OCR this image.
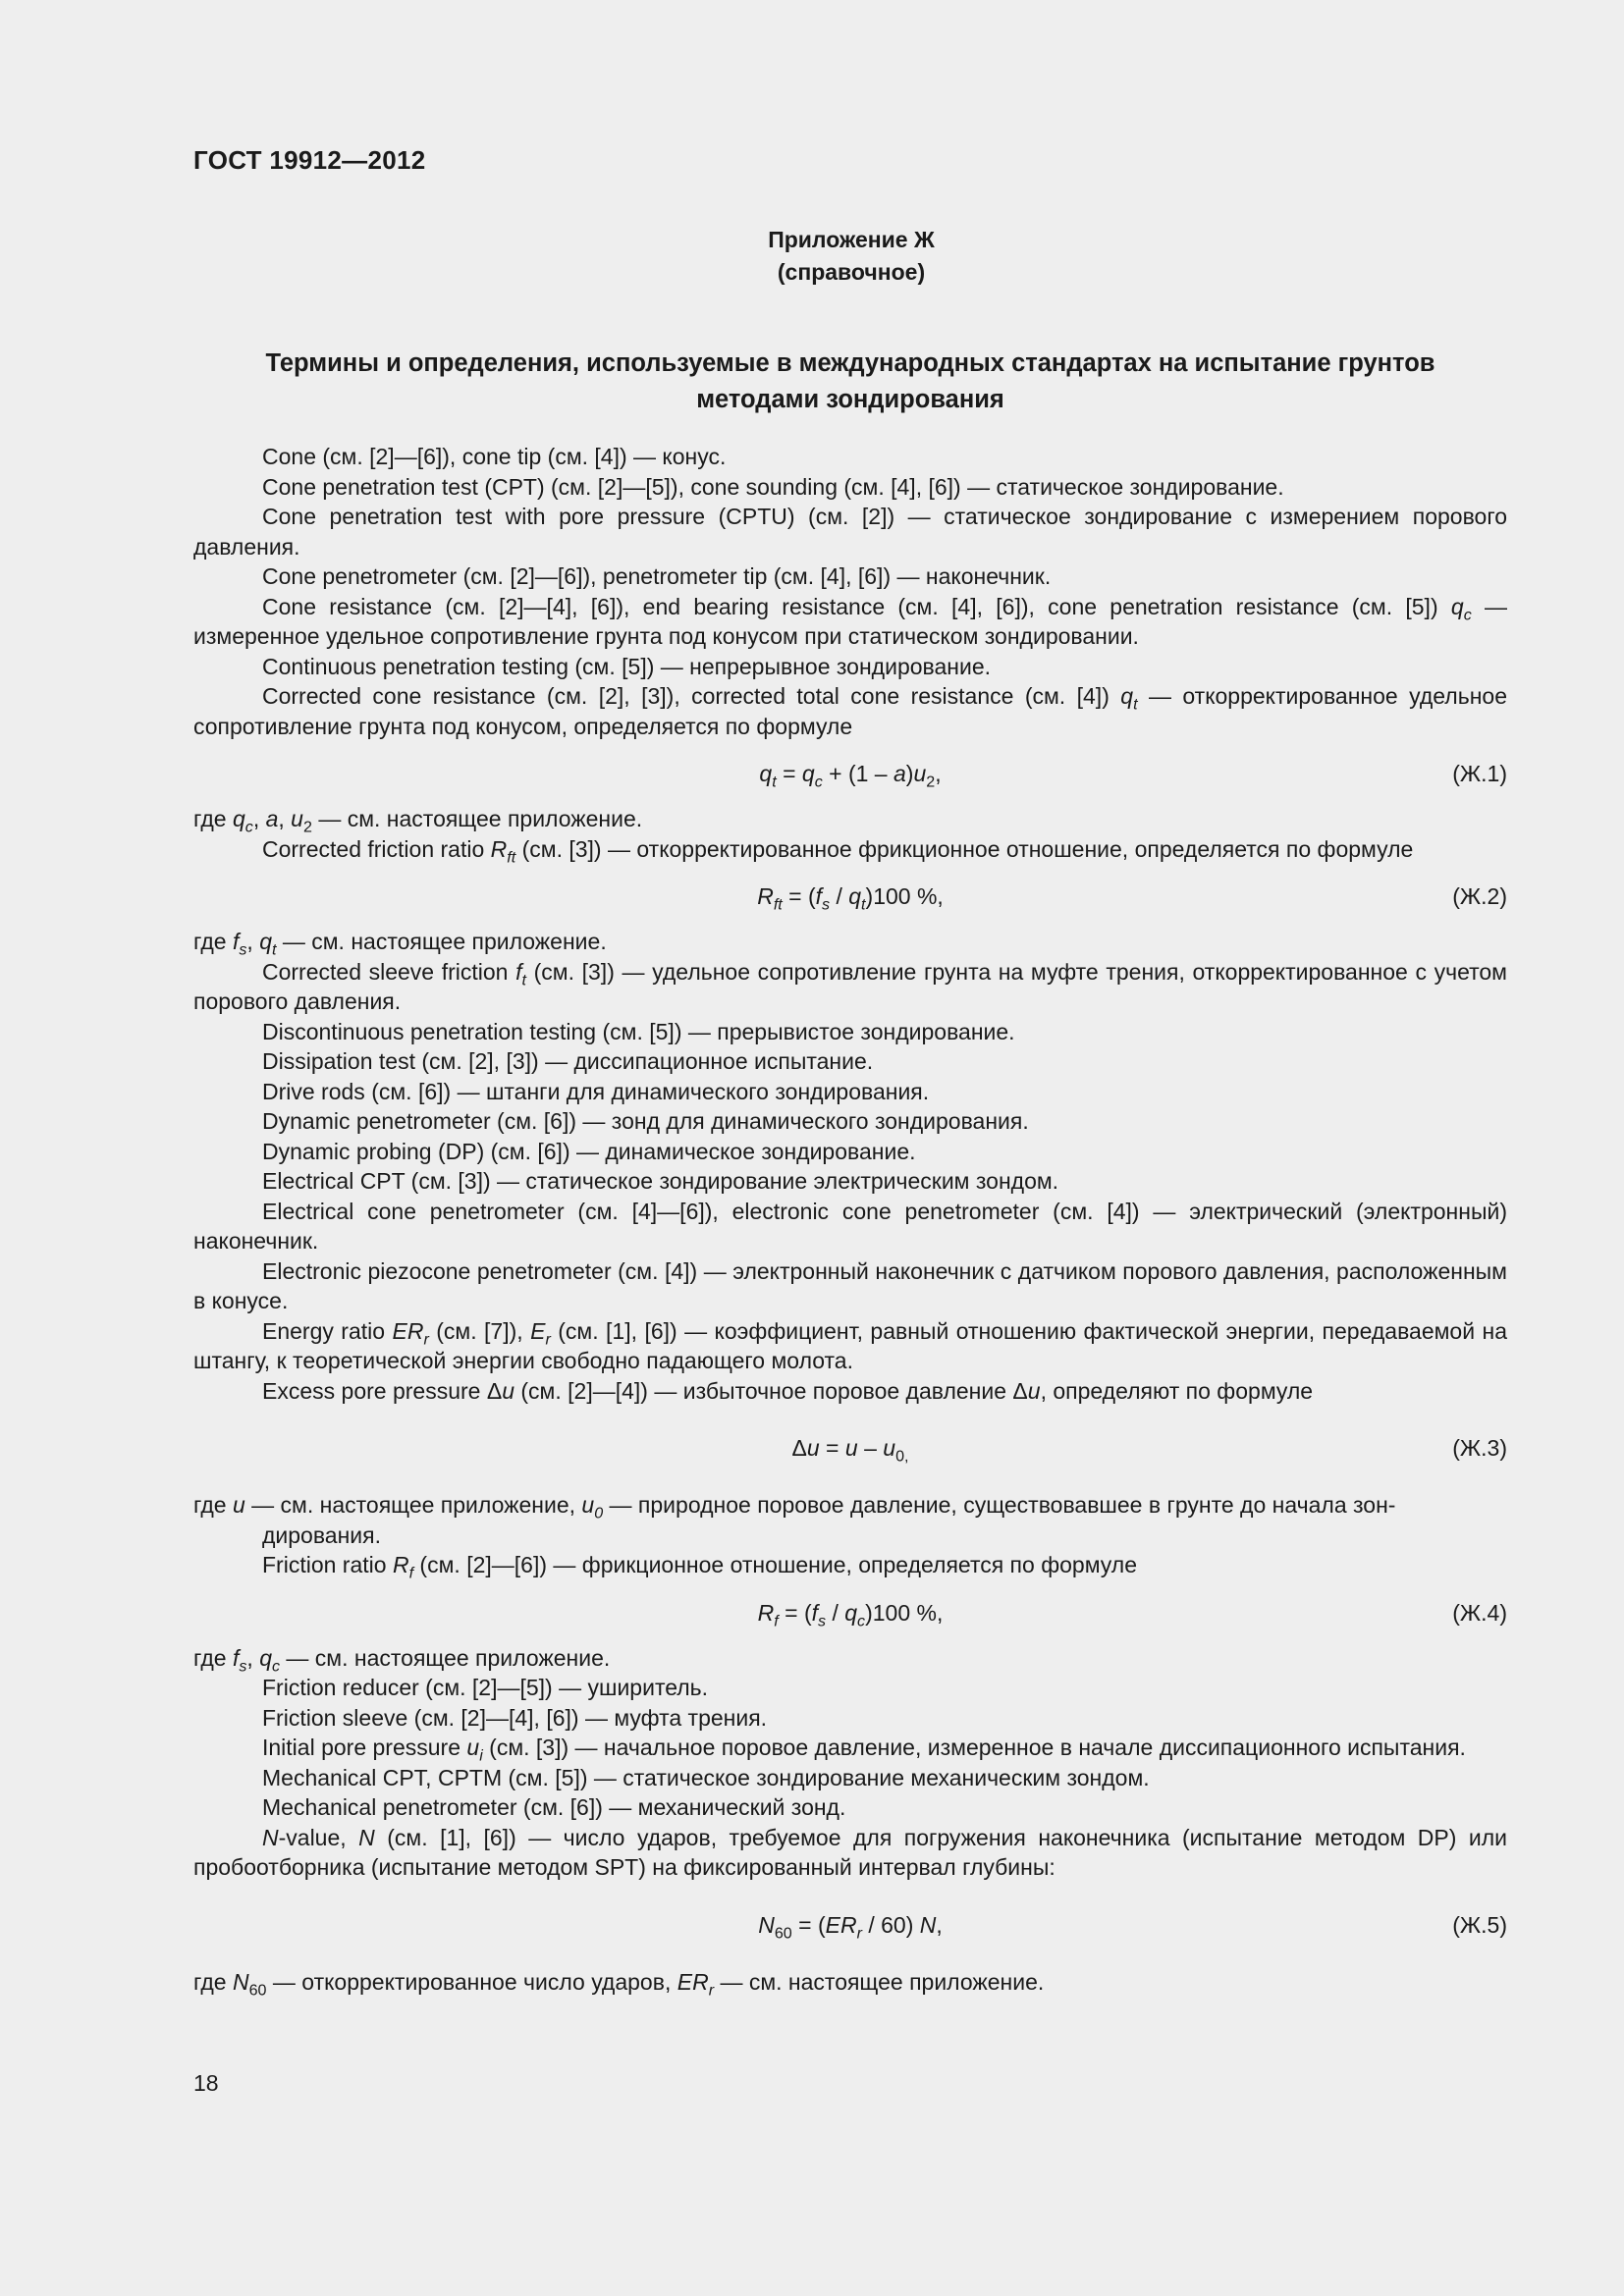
ГОСТ 19912—2012
Приложение Ж
(справочное)
Термины и определения, используемые в международных стандартах на испытание грунтов
методами зондирования

Cone (см. [2]—[6]), cone tip (см. [4]) — конус.

Cone penetration test (CPT) (см. [2]—[5]), cone sounding (см. [4], [6]) — статическое зондирование.

Cone penetration test with pore pressure (CPTU) (см. [2]) — статическое зондирование с измерением порового давления.

Cone penetrometer (см. [2]—[6]), penetrometer tip (см. [4], [6]) — наконечник.

Cone resistance (см. [2]—[4], [6]), end bearing resistance (см. [4], [6]), cone penetration resistance (см. [5]) $q_c$ — измеренное удельное сопротивление грунта под конусом при статическом зондировании.

Continuous penetration testing (см. [5]) — непрерывное зондирование.

Corrected cone resistance (см. [2], [3]), corrected total cone resistance (см. [4]) $q_t$ — откорректированное удельное сопротивление грунта под конусом, определяется по формуле

$q_t = q_c + (1 - a)u_2$,	(Ж.1)

где $q_c$, a, $u_2$ — см. настоящее приложение.

Corrected friction ratio $R_{ft}$ (см. [3]) — откорректированное фрикционное отношение, определяется по формуле

$R_{ft} = (f_s / q_t)100$ %,	(Ж.2)

где $f_s$, $q_t$ — см. настоящее приложение.

Corrected sleeve friction $f_t$ (см. [3]) — удельное сопротивление грунта на муфте трения, откорректированное с учетом порового давления.

Discontinuous penetration testing (см. [5]) — прерывистое зондирование.

Dissipation test (см. [2], [3]) — диссипационное испытание.

Drive rods (см. [6]) — штанги для динамического зондирования.

Dynamic penetrometer (см. [6]) — зонд для динамического зондирования.

Dynamic probing (DP) (см. [6]) — динамическое зондирование.

Electrical CPT (см. [3]) — статическое зондирование электрическим зондом.

Electrical cone penetrometer (см. [4]—[6]), electronic cone penetrometer (см. [4]) — электрический (электронный) наконечник.

Electronic piezocone penetrometer (см. [4]) — электронный наконечник с датчиком порового давления, расположенным в конусе.

Energy ratio $ER_r$ (см. [7]), $E_r$ (см. [1], [6]) — коэффициент, равный отношению фактической энергии, передаваемой на штангу, к теоретической энергии свободно падающего молота.

Excess pore pressure Δu (см. [2]—[4]) — избыточное поровое давление Δu, определяют по формуле

$\Delta u = u - u_{0,}$	(Ж.3)

где u — см. настоящее приложение, $u_0$ — природное поровое давление, существовавшее в грунте до начала зон-

дирования.

Friction ratio $R_f$ (см. [2]—[6]) — фрикционное отношение, определяется по формуле

$R_f = (f_s / q_c)100$ %,	(Ж.4)

где $f_s$, $q_c$ — см. настоящее приложение.

Friction reducer (см. [2]—[5]) — уширитель.

Friction sleeve (см. [2]—[4], [6]) — муфта трения.

Initial pore pressure $u_i$ (см. [3]) — начальное поровое давление, измеренное в начале диссипационного испытания.

Mechanical CPT, CPTM (см. [5]) — статическое зондирование механическим зондом.

Mechanical penetrometer (см. [6]) — механический зонд.

N-value, N (см. [1], [6]) — число ударов, требуемое для погружения наконечника (испытание методом DP) или пробоотборника (испытание методом SPT) на фиксированный интервал глубины:

$N_{60} = (ER_r / 60)$ N,	(Ж.5)

где $N_{60}$ — откорректированное число ударов, $ER_r$ — см. настоящее приложение.

18
